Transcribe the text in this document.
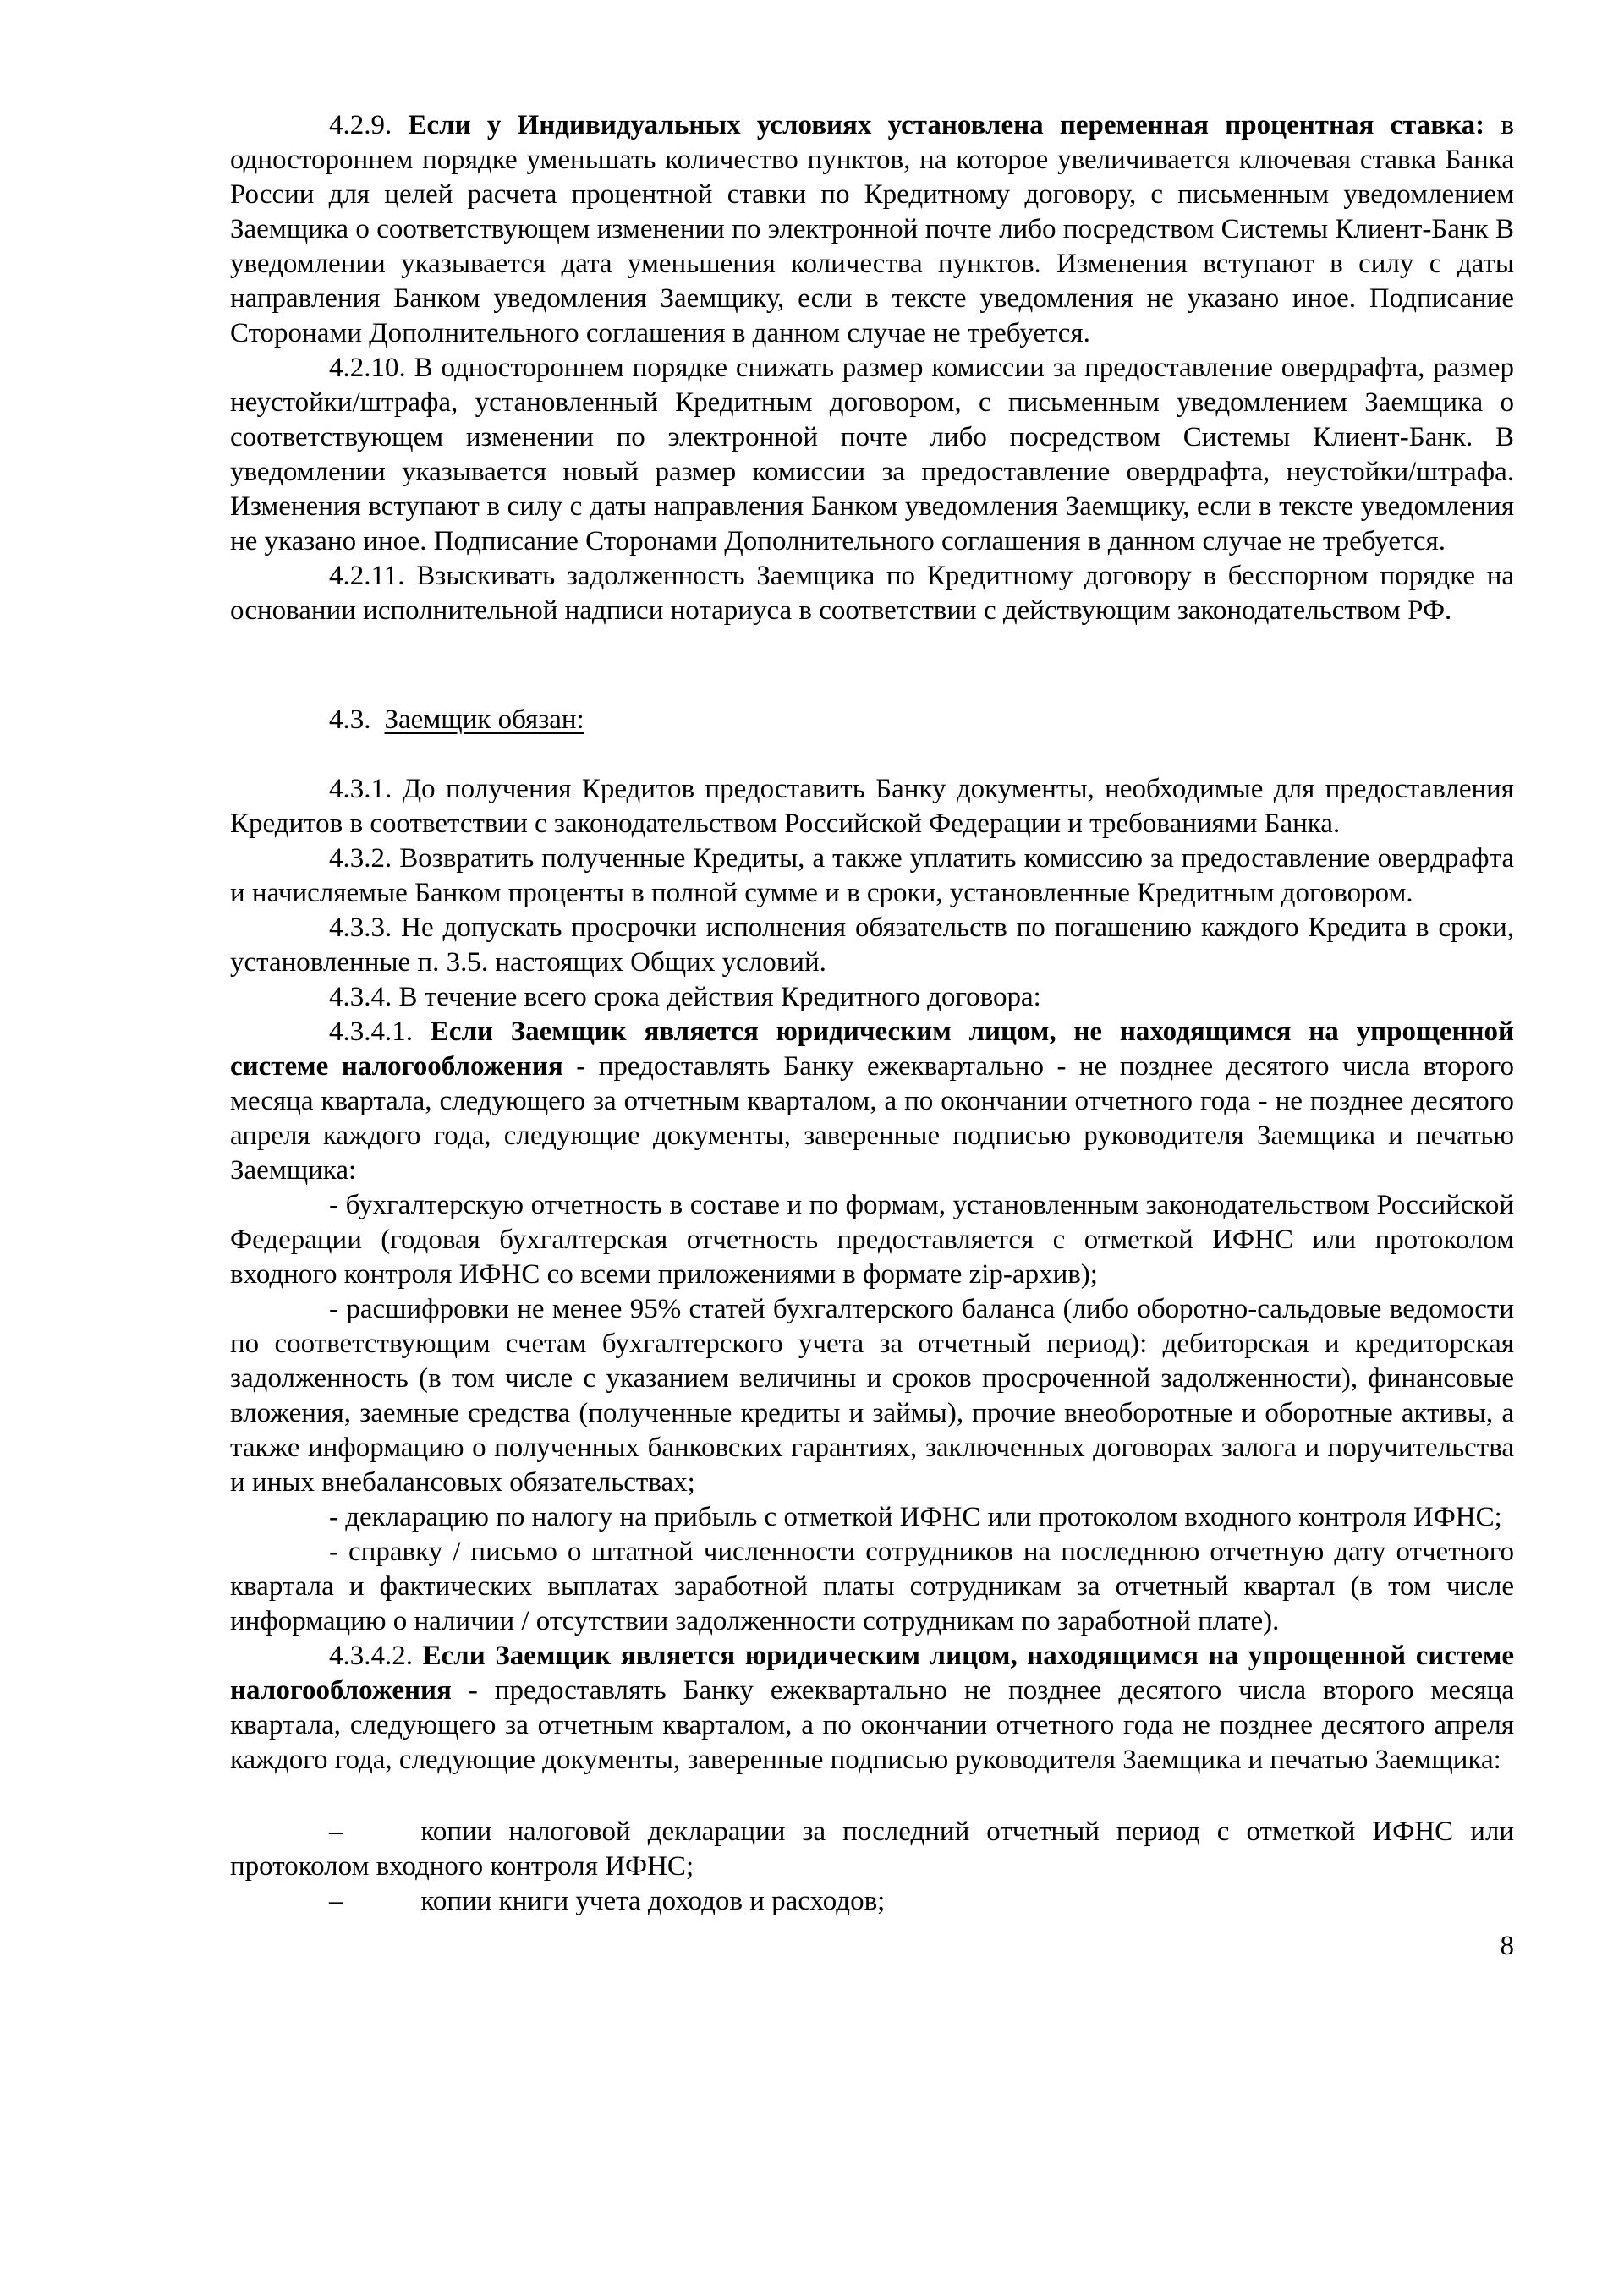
4.2.9. Если у Индивидуальных условиях установлена переменная процентная ставка: в одностороннем порядке уменьшать количество пунктов, на которое увеличивается ключевая ставка Банка России для целей расчета процентной ставки по Кредитному договору, с письменным уведомлением Заемщика о соответствующем изменении по электронной почте либо посредством Системы Клиент-Банк В уведомлении указывается дата уменьшения количества пунктов. Изменения вступают в силу с даты направления Банком уведомления Заемщику, если в тексте уведомления не указано иное. Подписание Сторонами Дополнительного соглашения в данном случае не требуется.

4.2.10. В одностороннем порядке снижать размер комиссии за предоставление овердрафта, размер неустойки/штрафа, установленный Кредитным договором, с письменным уведомлением Заемщика о соответствующем изменении по электронной почте либо посредством Системы Клиент-Банк. В уведомлении указывается новый размер комиссии за предоставление овердрафта, неустойки/штрафа. Изменения вступают в силу с даты направления Банком уведомления Заемщику, если в тексте уведомления не указано иное. Подписание Сторонами Дополнительного соглашения в данном случае не требуется.

4.2.11. Взыскивать задолженность Заемщика по Кредитному договору в бесспорном порядке на основании исполнительной надписи нотариуса в соответствии с действующим законодательством РФ.

4.3. Заемщик обязан:

4.3.1. До получения Кредитов предоставить Банку документы, необходимые для предоставления Кредитов в соответствии с законодательством Российской Федерации и требованиями Банка.

4.3.2. Возвратить полученные Кредиты, а также уплатить комиссию за предоставление овердрафта и начисляемые Банком проценты в полной сумме и в сроки, установленные Кредитным договором.

4.3.3. Не допускать просрочки исполнения обязательств по погашению каждого Кредита в сроки, установленные п. 3.5. настоящих Общих условий.

4.3.4. В течение всего срока действия Кредитного договора:

4.3.4.1. Если Заемщик является юридическим лицом, не находящимся на упрощенной системе налогообложения - предоставлять Банку ежеквартально - не позднее десятого числа второго месяца квартала, следующего за отчетным кварталом, а по окончании отчетного года - не позднее десятого апреля каждого года, следующие документы, заверенные подписью руководителя Заемщика и печатью Заемщика:

- бухгалтерскую отчетность в составе и по формам, установленным законодательством Российской Федерации (годовая бухгалтерская отчетность предоставляется с отметкой ИФНС или протоколом входного контроля ИФНС со всеми приложениями в формате zip-архив);

- расшифровки не менее 95% статей бухгалтерского баланса (либо оборотно-сальдовые ведомости по соответствующим счетам бухгалтерского учета за отчетный период): дебиторская и кредиторская задолженность (в том числе с указанием величины и сроков просроченной задолженности), финансовые вложения, заемные средства (полученные кредиты и займы), прочие внеоборотные и оборотные активы, а также информацию о полученных банковских гарантиях, заключенных договорах залога и поручительства и иных внебалансовых обязательствах;

- декларацию по налогу на прибыль с отметкой ИФНС или протоколом входного контроля ИФНС;

- справку / письмо о штатной численности сотрудников на последнюю отчетную дату отчетного квартала и фактических выплатах заработной платы сотрудникам за отчетный квартал (в том числе информацию о наличии / отсутствии задолженности сотрудникам по заработной плате).

4.3.4.2. Если Заемщик является юридическим лицом, находящимся на упрощенной системе налогообложения - предоставлять Банку ежеквартально не позднее десятого числа второго месяца квартала, следующего за отчетным кварталом, а по окончании отчетного года не позднее десятого апреля каждого года, следующие документы, заверенные подписью руководителя Заемщика и печатью Заемщика:

–	копии налоговой декларации за последний отчетный период с отметкой ИФНС или протоколом входного контроля ИФНС;

–	копии книги учета доходов и расходов;

8
